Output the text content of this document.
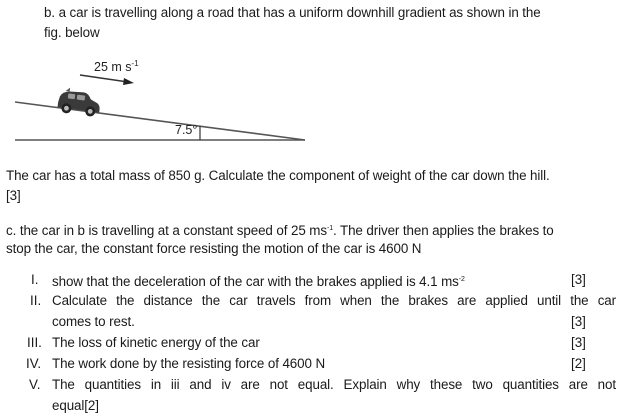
b. a car is travelling along a road that has a uniform downhill gradient as shown in the
fig. below
25 m $s^{-1}$
7.5°
The car has a total mass of 850 g. Calculate the component of weight of the car down the hill.
[3]
c. the car in b is travelling at a constant speed of 25 $ms^{-1}$. The driver then applies the brakes to
stop the car, the constant force resisting the motion of the car is 4600 N
I. show that the deceleration of the car with the brakes applied is 4.1 $ms^{-2}$	[3]
II. Calculate the distance the car travels from when the brakes are applied until the car
comes to rest.	[3]
III. The loss of kinetic energy of the car	[3]
IV. The work done by the resisting force of 4600 N	[2]
V. The quantities in iii and iv are not equal. Explain why these two quantities are not
equal[2]
